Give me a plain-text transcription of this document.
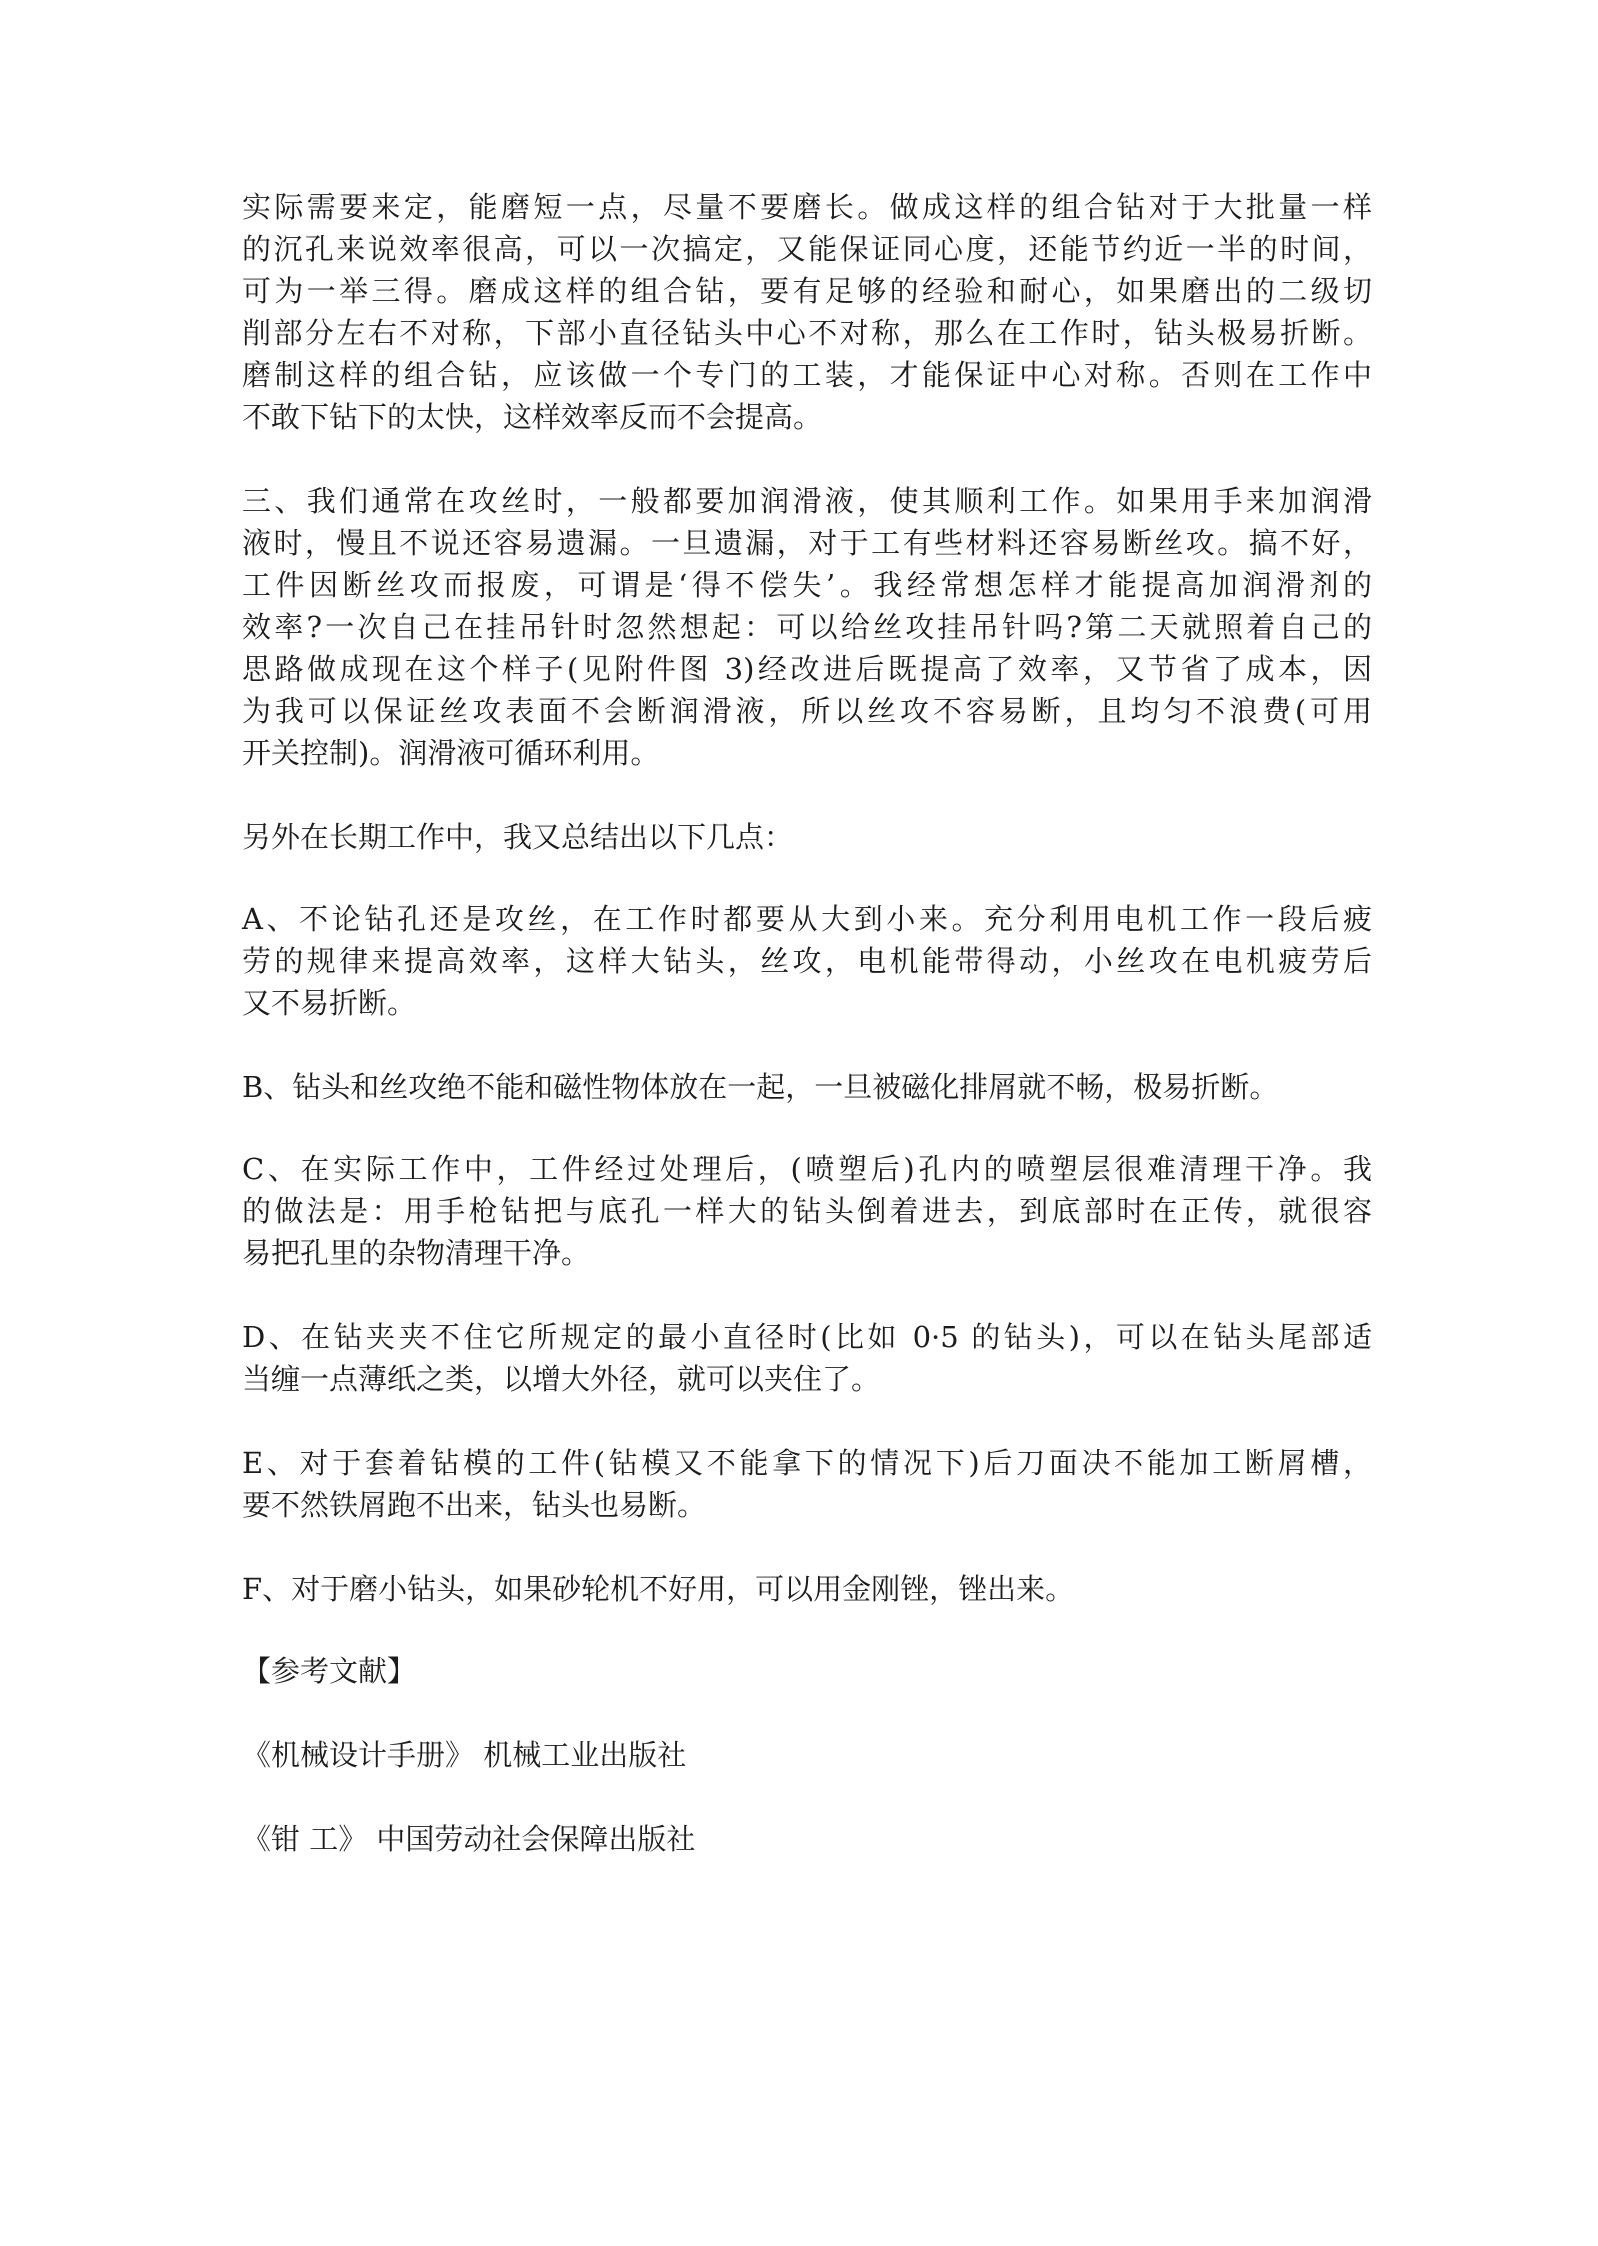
实际需要来定，能磨短一点，尽量不要磨长。做成这样的组合钻对于大批量一样
的沉孔来说效率很高，可以一次搞定，又能保证同心度，还能节约近一半的时间，
可为一举三得。磨成这样的组合钻，要有足够的经验和耐心，如果磨出的二级切
削部分左右不对称，下部小直径钻头中心不对称，那么在工作时，钻头极易折断。
磨制这样的组合钻，应该做一个专门的工装，才能保证中心对称。否则在工作中
不敢下钻下的太快，这样效率反而不会提高。
三、我们通常在攻丝时，一般都要加润滑液，使其顺利工作。如果用手来加润滑
液时，慢且不说还容易遗漏。一旦遗漏，对于工有些材料还容易断丝攻。搞不好，
工件因断丝攻而报废，可谓是‘得不偿失’。我经常想怎样才能提高加润滑剂的
效率?一次自己在挂吊针时忽然想起：可以给丝攻挂吊针吗?第二天就照着自己的
思路做成现在这个样子(见附件图 3)经改进后既提高了效率，又节省了成本，因
为我可以保证丝攻表面不会断润滑液，所以丝攻不容易断，且均匀不浪费(可用
开关控制)。润滑液可循环利用。
另外在长期工作中，我又总结出以下几点：
A、不论钻孔还是攻丝，在工作时都要从大到小来。充分利用电机工作一段后疲
劳的规律来提高效率，这样大钻头，丝攻，电机能带得动，小丝攻在电机疲劳后
又不易折断。
B、钻头和丝攻绝不能和磁性物体放在一起，一旦被磁化排屑就不畅，极易折断。
C、在实际工作中，工件经过处理后，(喷塑后)孔内的喷塑层很难清理干净。我
的做法是：用手枪钻把与底孔一样大的钻头倒着进去，到底部时在正传，就很容
易把孔里的杂物清理干净。
D、在钻夹夹不住它所规定的最小直径时(比如 0·5 的钻头)，可以在钻头尾部适
当缠一点薄纸之类，以增大外径，就可以夹住了。
E、对于套着钻模的工件(钻模又不能拿下的情况下)后刀面决不能加工断屑槽，
要不然铁屑跑不出来，钻头也易断。
F、对于磨小钻头，如果砂轮机不好用，可以用金刚锉，锉出来。
【参考文献】
《机械设计手册》 机械工业出版社
《钳 工》 中国劳动社会保障出版社
